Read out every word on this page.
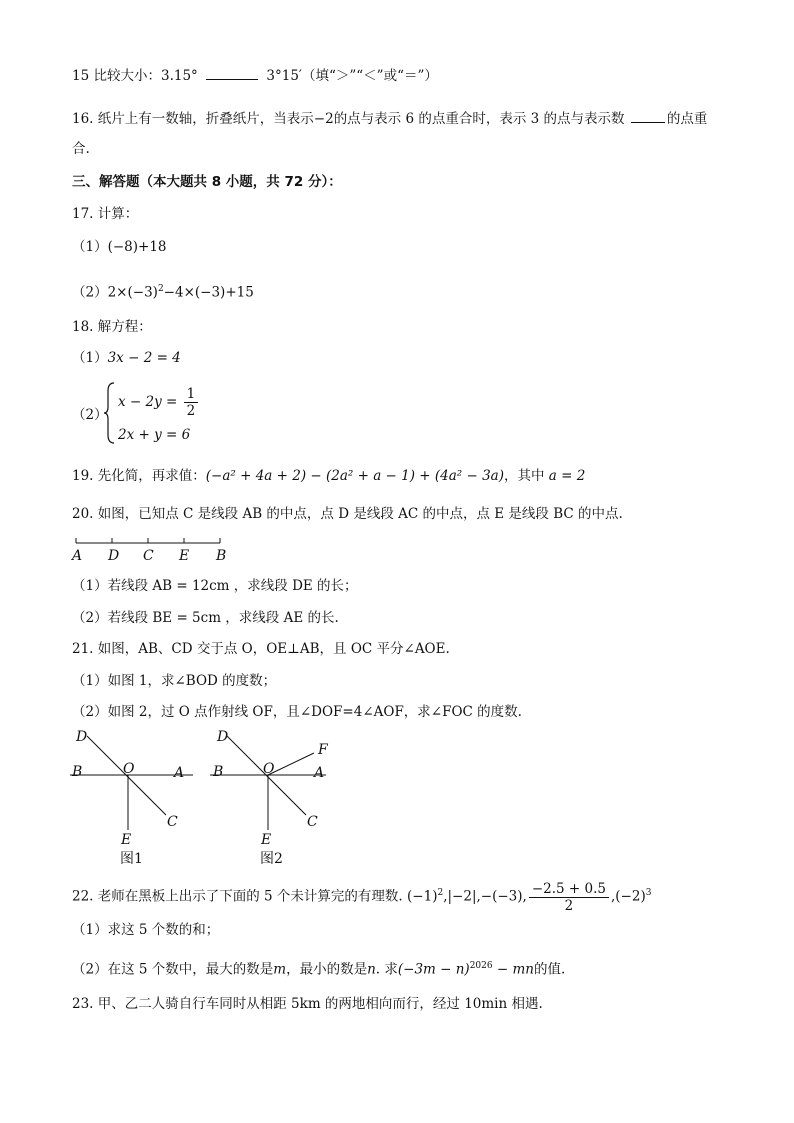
15 比较大小：3.15°	3°15′（填“＞”“＜”或“＝”）
16. 纸片上有一数轴，折叠纸片，当表示−2的点与表示 6 的点重合时，表示 3 的点与表示数	的点重
合.
三、解答题（本大题共 8 小题，共 72 分）：
17. 计算：
（1）(−8)+18
$(2)2\times(-3)^2-4\times(-3)+15$
18. 解方程：
（1）3x − 2 = 4
（2）
$x - 2y = \frac{1}{2}$
2x + y = 6
19. 先化简，再求值：(−a² + 4a + 2) − (2a² + a − 1) + (4a² − 3a)，其中 a = 2
20. 如图，已知点 C 是线段 AB 的中点，点 D 是线段 AC 的中点，点 E 是线段 BC 的中点.
A D C E B
（1）若线段 AB = 12cm ，求线段 DE 的长；
（2）若线段 BE = 5cm ，求线段 AE 的长.
21. 如图，AB、CD 交于点 O，OE⊥AB，且 OC 平分∠AOE.
（1）如图 1，求∠BOD 的度数；
（2）如图 2，过 O 点作射线 OF，且∠DOF=4∠AOF，求∠FOC 的度数.
D
B	O	A
C
E
图1
D
F
B	O	A
C
E
图2
22. 老师在黑板上出示了下面的 5 个未计算完的有理数. $(-1)^2,|-2|,-(-3)$, $\frac{-2.5 + 0.5}{2} ,(-2)^3$
（1）求这 5 个数的和；
（2）在这 5 个数中，最大的数是m，最小的数是n. 求$(-3m - n)^{2026}$ − mn的值.
23. 甲、乙二人骑自行车同时从相距 5km 的两地相向而行，经过 10min 相遇.
